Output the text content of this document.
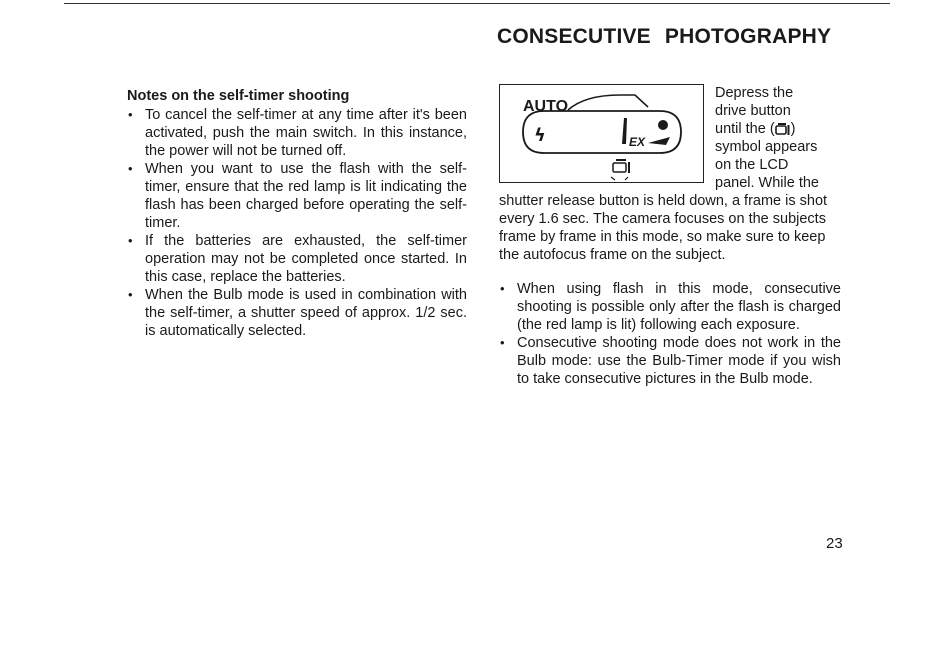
CONSECUTIVE PHOTOGRAPHY
Notes on the self-timer shooting
• To cancel the self-timer at any time after it's been activated, push the main switch. In this instance, the power will not be turned off.
• When you want to use the flash with the self-timer, ensure that the red lamp is lit indicating the flash has been charged before operating the self-timer.
• If the batteries are exhausted, the self-timer operation may not be completed once started. In this case, replace the batteries.
• When the Bulb mode is used in combination with the self-timer, a shutter speed of approx. 1/2 sec. is automatically selected.
AUTO
ϟ	EX

Depress the

drive button

until the ( )

symbol appears

on the LCD

panel. While the

shutter release button is held down, a frame is shot every 1.6 sec. The camera focuses on the subjects frame by frame in this mode, so make sure to keep the autofocus frame on the subject.

• When using flash in this mode, consecutive shooting is possible only after the flash is charged (the red lamp is lit) following each exposure.
• Consecutive shooting mode does not work in the Bulb mode: use the Bulb-Timer mode if you wish to take consecutive pictures in the Bulb mode.
23
